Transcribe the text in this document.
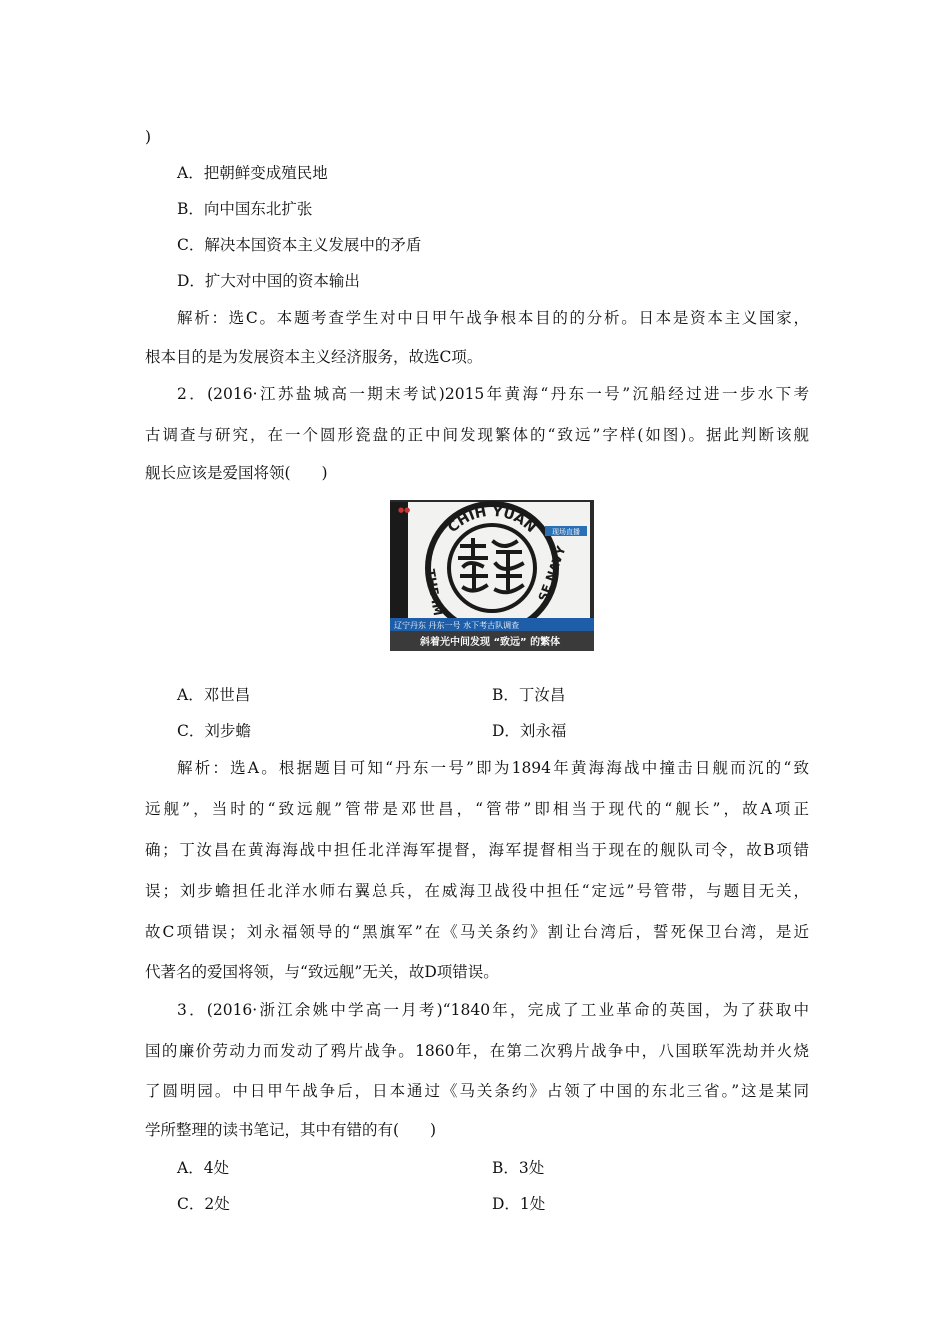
)
A．把朝鲜变成殖民地
B．向中国东北扩张
C．解决本国资本主义发展中的矛盾
D．扩大对中国的资本输出
解析：选C。本题考查学生对中日甲午战争根本目的的分析。日本是资本主义国家，
根本目的是为发展资本主义经济服务，故选C项。
2．(2016·江苏盐城高一期末考试)2015年黄海“丹东一号”沉船经过进一步水下考
古调查与研究，在一个圆形瓷盘的正中间发现繁体的“致远”字样(如图)。据此判断该舰
舰长应该是爱国将领(　　)
CHIH YUAN
THE IM	SE NAVY
现场直播
●●
辽宁丹东 丹东一号 水下考古队调查
斜着光中间发现 “致远” 的繁体
A．邓世昌	B．丁汝昌
C．刘步蟾	D．刘永福
解析：选A。根据题目可知“丹东一号”即为1894年黄海海战中撞击日舰而沉的“致
远舰”，当时的“致远舰”管带是邓世昌，“管带”即相当于现代的“舰长”，故A项正
确；丁汝昌在黄海海战中担任北洋海军提督，海军提督相当于现在的舰队司令，故B项错
误；刘步蟾担任北洋水师右翼总兵，在威海卫战役中担任“定远”号管带，与题目无关，
故C项错误；刘永福领导的“黑旗军”在《马关条约》割让台湾后，誓死保卫台湾，是近
代著名的爱国将领，与“致远舰”无关，故D项错误。
3．(2016·浙江余姚中学高一月考)“1840年，完成了工业革命的英国，为了获取中
国的廉价劳动力而发动了鸦片战争。1860年，在第二次鸦片战争中，八国联军洗劫并火烧
了圆明园。中日甲午战争后，日本通过《马关条约》占领了中国的东北三省。”这是某同
学所整理的读书笔记，其中有错的有(　　)
A．4处	B．3处
C．2处	D．1处
